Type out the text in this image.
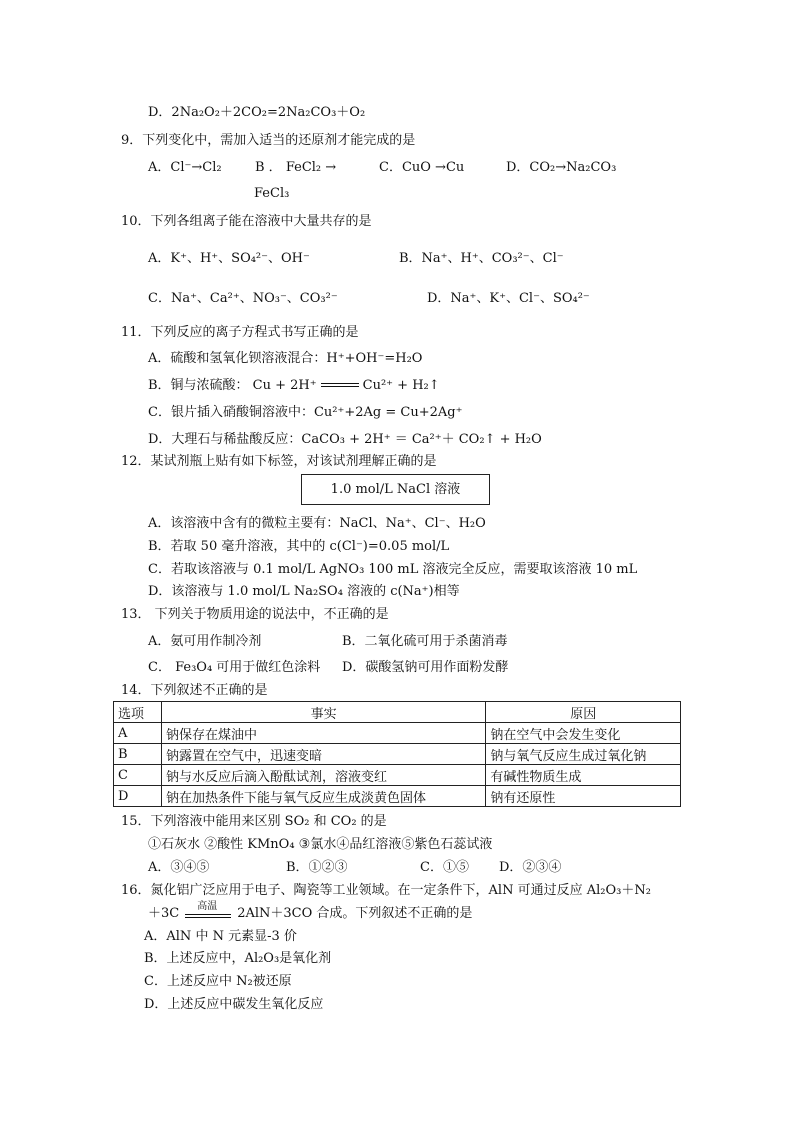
D．2Na₂O₂＋2CO₂=2Na₂CO₃＋O₂
9．下列变化中，需加入适当的还原剂才能完成的是
A．Cl⁻→Cl₂	B ． FeCl₂ →	C．CuO →Cu	D．CO₂→Na₂CO₃
FeCl₃
10．下列各组离子能在溶液中大量共存的是
A．K⁺、H⁺、SO₄²⁻、OH⁻	B．Na⁺、H⁺、CO₃²⁻、Cl⁻
C．Na⁺、Ca²⁺、NO₃⁻、CO₃²⁻	D．Na⁺、K⁺、Cl⁻、SO₄²⁻
11．下列反应的离子方程式书写正确的是
A．硫酸和氢氧化钡溶液混合：H⁺+OH⁻=H₂O
B．铜与浓硫酸： Cu + 2H⁺	Cu²⁺ + H₂↑
C．银片插入硝酸铜溶液中：Cu²⁺+2Ag = Cu+2Ag⁺
D．大理石与稀盐酸反应：CaCO₃ + 2H⁺ ＝ Ca²⁺＋ CO₂↑ + H₂O
12．某试剂瓶上贴有如下标签，对该试剂理解正确的是
1.0 mol/L NaCl 溶液
A．该溶液中含有的微粒主要有：NaCl、Na⁺、Cl⁻、H₂O
B．若取 50 毫升溶液，其中的 c(Cl⁻)=0.05 mol/L
C．若取该溶液与 0.1 mol/L AgNO₃ 100 mL 溶液完全反应，需要取该溶液 10 mL
D．该溶液与 1.0 mol/L Na₂SO₄ 溶液的 c(Na⁺)相等
13． 下列关于物质用途的说法中，不正确的是
A．氨可用作制冷剂	B．二氧化硫可用于杀菌消毒
C． Fe₃O₄ 可用于做红色涂料 D．碳酸氢钠可用作面粉发酵
14．下列叙述不正确的是
选项	事实	原因
A	钠保存在煤油中	钠在空气中会发生变化
B	钠露置在空气中，迅速变暗	钠与氧气反应生成过氧化钠
C	钠与水反应后滴入酚酞试剂，溶液变红	有碱性物质生成
D	钠在加热条件下能与氧气反应生成淡黄色固体	钠有还原性
15．下列溶液中能用来区别 SO₂ 和 CO₂ 的是
①石灰水 ②酸性 KMnO₄ ③氯水④品红溶液⑤紫色石蕊试液
A．③④⑤	B．①②③	C．①⑤ D．②③④
16．氮化铝广泛应用于电子、陶瓷等工业领域。在一定条件下，AlN 可通过反应 Al₂O₃＋N₂
＋3C 高温 2AlN＋3CO 合成。下列叙述不正确的是
A．AlN 中 N 元素显-3 价
B．上述反应中，Al₂O₃是氧化剂
C．上述反应中 N₂被还原
D．上述反应中碳发生氧化反应
